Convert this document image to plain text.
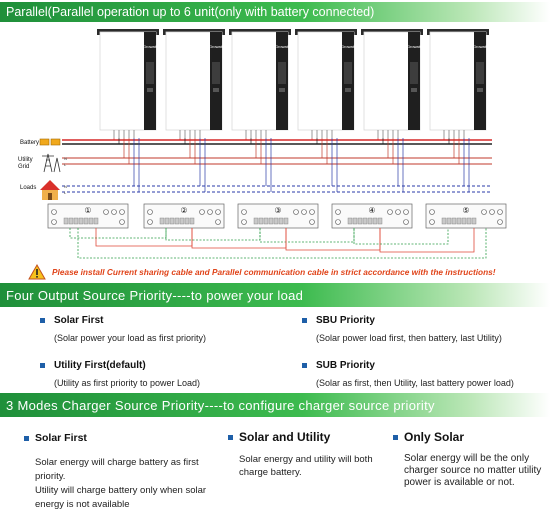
Parallel(Parallel operation up to 6 unit(only with battery connected)
Growatt	Growatt	Growatt	Growatt	Growatt	Growatt
N
L
N
L
Battery
Utility
Grid
Loads
①	②	③	④	⑤
Please install Current sharing cable and Parallel communication cable in strict accordance with the instructions!
Four Output Source Priority----to power your load
Solar First
(Solar power your load as first priority)
SBU Priority
(Solar power load first, then battery, last Utility)
Utility First(default)
(Utility as first priority to power Load)
SUB Priority
(Solar as first, then Utility, last battery power load)
3 Modes Charger Source Priority----to configure charger source priority
Solar First
Solar energy will charge battery as first priority.
Utility will charge battery only when solar energy is not available
Solar and Utility
Solar energy and utility will both charge battery.
Only Solar
Solar energy will be the only charger source no matter utility power is available or not.
